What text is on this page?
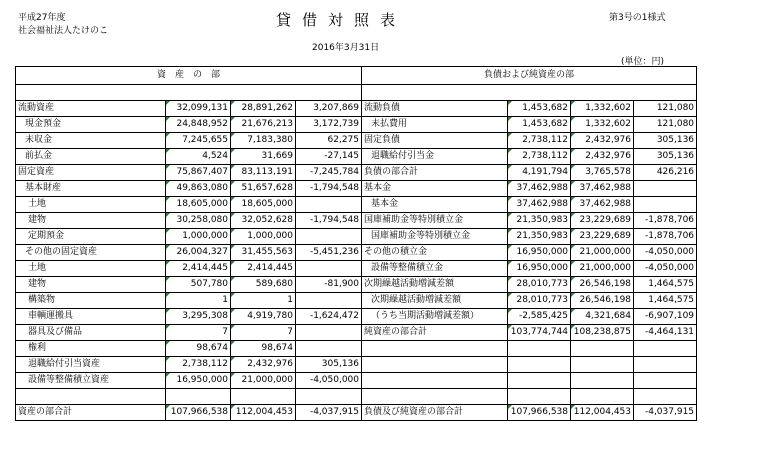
平成27年度
社会福祉法人たけのこ
貸借対照表	第3号の1様式
2016年3月31日
(単位：円)
資　産　の　部				負債および純資産の部			

流動資産	32,099,131	28,891,262	3,207,869	流動負債	1,453,682	1,332,602	121,080
現金預金	24,848,952	21,676,213	3,172,739	未払費用	1,453,682	1,332,602	121,080
未収金	7,245,655	7,183,380	62,275	固定負債	2,738,112	2,432,976	305,136
前払金	4,524	31,669	-27,145	退職給付引当金	2,738,112	2,432,976	305,136
固定資産	75,867,407	83,113,191	-7,245,784	負債の部合計	4,191,794	3,765,578	426,216
基本財産	49,863,080	51,657,628	-1,794,548	基本金	37,462,988	37,462,988	
土地	18,605,000	18,605,000		基本金	37,462,988	37,462,988	
建物	30,258,080	32,052,628	-1,794,548	国庫補助金等特別積立金	21,350,983	23,229,689	-1,878,706
定期預金	1,000,000	1,000,000		国庫補助金等特別積立金	21,350,983	23,229,689	-1,878,706
その他の固定資産	26,004,327	31,455,563	-5,451,236	その他の積立金	16,950,000	21,000,000	-4,050,000
土地	2,414,445	2,414,445		設備等整備積立金	16,950,000	21,000,000	-4,050,000
建物	507,780	589,680	-81,900	次期繰越活動増減差額	28,010,773	26,546,198	1,464,575
構築物	1	1		次期繰越活動増減差額	28,010,773	26,546,198	1,464,575
車輌運搬具	3,295,308	4,919,780	-1,624,472	（うち当期活動増減差額）	-2,585,425	4,321,684	-6,907,109
器具及び備品	7	7		純資産の部合計	103,774,744	108,238,875	-4,464,131
権利	98,674	98,674					
退職給付引当資産	2,738,112	2,432,976	305,136				
設備等整備積立資産	16,950,000	21,000,000	-4,050,000				

資産の部合計	107,966,538	112,004,453	-4,037,915	負債及び純資産の部合計	107,966,538	112,004,453	-4,037,915
